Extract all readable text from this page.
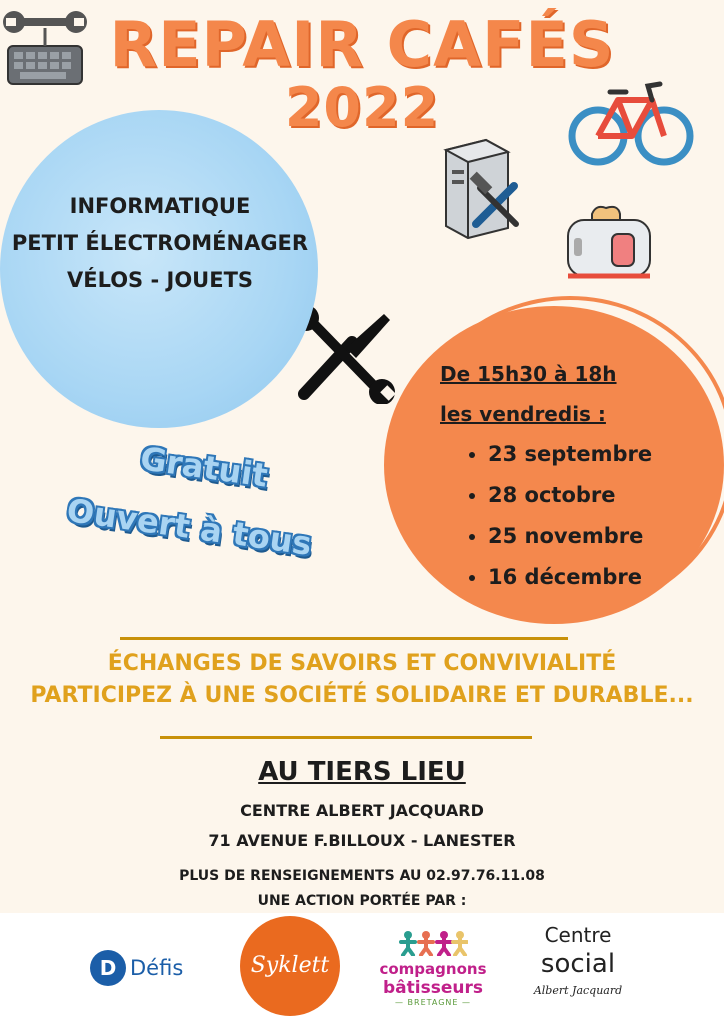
REPAIR CAFÉS
2022
INFORMATIQUE
PETIT ÉLECTROMÉNAGER
VÉLOS - JOUETS
De 15h30 à 18h
les vendredis :
• 23 septembre
• 28 octobre
• 25 novembre
• 16 décembre
Gratuit
Ouvert à tous
ÉCHANGES DE SAVOIRS ET CONVIVIALITÉ
PARTICIPEZ À UNE SOCIÉTÉ SOLIDAIRE ET DURABLE...
AU TIERS LIEU
CENTRE ALBERT JACQUARD
71 AVENUE F.BILLOUX - LANESTER
PLUS DE RENSEIGNEMENTS AU 02.97.76.11.08
UNE ACTION PORTÉE PAR :
D Défis	Syklett	compagnons
bâtisseurs
— BRETAGNE —
Centre
social
Albert Jacquard
